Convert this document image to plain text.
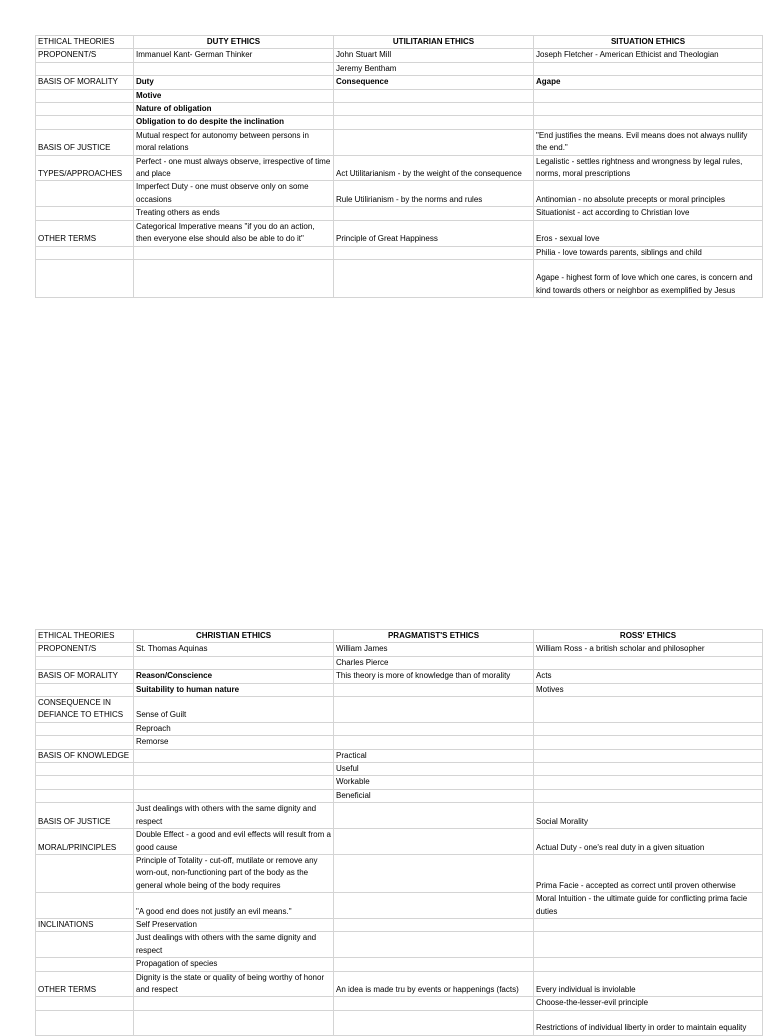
ETHICAL THEORIES	DUTY ETHICS	UTILITARIAN ETHICS	SITUATION ETHICS
PROPONENT/S	Immanuel Kant- German Thinker	John Stuart Mill	Joseph Fletcher - American Ethicist and Theologian
		Jeremy Bentham	
BASIS OF MORALITY	Duty	Consequence	Agape
	Motive		
	Nature of obligation		
	Obligation to do despite the inclination		
BASIS OF JUSTICE	Mutual respect for autonomy between persons in moral relations		"End justifies the means. Evil means does not always nullify the end."
TYPES/APPROACHES	Perfect - one must always observe, irrespective of time and place	Act Utilitarianism - by the weight of the consequence	Legalistic - settles rightness and wrongness by legal rules, norms, moral prescriptions
	Imperfect Duty - one must observe only on some occasions	Rule Utilirianism - by the norms and rules	Antinomian - no absolute precepts or moral principles
	Treating others as ends		Situationist - act according to Christian love
OTHER TERMS	Categorical Imperative means "if you do an action, then everyone else should also be able to do it"	Principle of Great Happiness	Eros - sexual love
			Philia - love towards parents, siblings and child
			Agape - highest form of love which one cares, is concern and kind towards others or neighbor as exemplified by Jesus
ETHICAL THEORIES	CHRISTIAN ETHICS	PRAGMATIST'S ETHICS	ROSS' ETHICS
PROPONENT/S	St. Thomas Aquinas	William James	William Ross - a british scholar and philosopher
		Charles Pierce	
BASIS OF MORALITY	Reason/Conscience	This theory is more of knowledge than of morality	Acts
	Suitability to human nature		Motives
CONSEQUENCE IN DEFIANCE TO ETHICS	Sense of Guilt		
	Reproach		
	Remorse		
BASIS OF KNOWLEDGE		Practical	
		Useful	
		Workable	
		Beneficial	
BASIS OF JUSTICE	Just dealings with others with the same dignity and respect		Social Morality
MORAL/PRINCIPLES	Double Effect - a good and evil effects will result from a good cause		Actual Duty - one's real duty in a given situation
	Principle of Totality - cut-off, mutilate or remove any worn-out, non-functioning part of the body as the general whole being of the body requires		Prima Facie - accepted as correct until proven otherwise
	"A good end does not justify an evil means."		Moral Intuition - the ultimate guide for conflicting prima facie duties
INCLINATIONS	Self Preservation		
	Just dealings with others with the same dignity and respect		
	Propagation of species		
OTHER TERMS	Dignity is the state or quality of being worthy of honor and respect	An idea is made tru by events or happenings (facts)	Every individual is inviolable
			Choose-the-lesser-evil principle
			Restrictions of individual liberty in order to maintain equality
